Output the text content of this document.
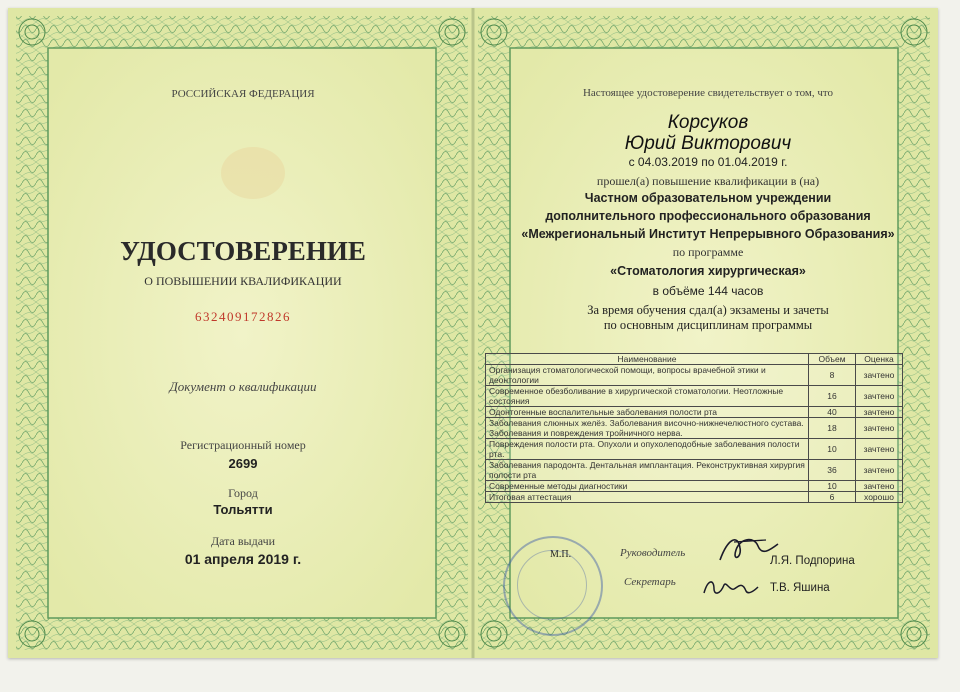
РОССИЙСКАЯ ФЕДЕРАЦИЯ
УДОСТОВЕРЕНИЕ
О ПОВЫШЕНИИ КВАЛИФИКАЦИИ
632409172826
Документ о квалификации
Регистрационный номер
2699
Город
Тольятти
Дата выдачи
01 апреля 2019 г.
Настоящее удостоверение свидетельствует о том, что
Корсуков
Юрий Викторович
с 04.03.2019 по 01.04.2019 г.
прошел(а) повышение квалификации в (на)
Частном образовательном учреждении
дополнительного профессионального образования
«Межрегиональный Институт Непрерывного Образования»
по программе
«Стоматология хирургическая»
в объёме 144 часов
За время обучения сдал(а) экзамены и зачеты
по основным дисциплинам программы
Наименование	Объем	Оценка
Организация стоматологической помощи, вопросы врачебной этики и деонтологии	8	зачтено
Современное обезболивание в хирургической стоматологии. Неотложные состояния	16	зачтено
Одонтогенные воспалительные заболевания полости рта	40	зачтено
Заболевания слюнных желёз. Заболевания височно-нижнечелюстного сустава. Заболевания и повреждения тройничного нерва.	18	зачтено
Повреждения полости рта. Опухоли и опухолеподобные заболевания полости рта.	10	зачтено
Заболевания пародонта. Дентальная имплантация. Реконструктивная хирургия полости рта	36	зачтено
Современные методы диагностики	10	зачтено
Итоговая аттестация	6	хорошо
М.П.	Руководитель
Л.Я. Подпорина
Секретарь	Т.В. Яшина
